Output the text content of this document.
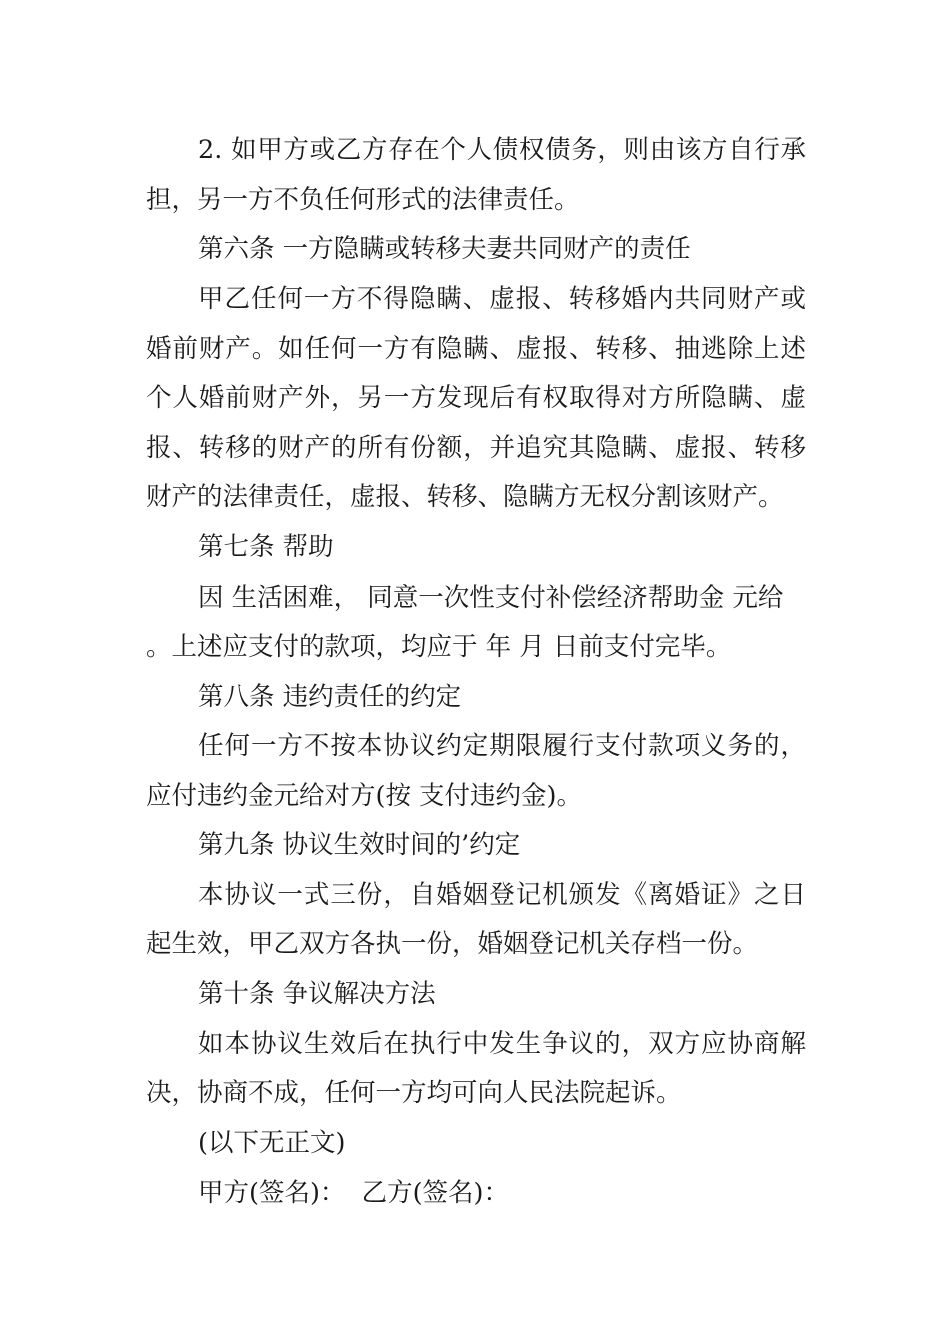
2. 如甲方或乙方存在个人债权债务，则由该方自行承
担，另一方不负任何形式的法律责任。
第六条 一方隐瞒或转移夫妻共同财产的责任
甲乙任何一方不得隐瞒、虚报、转移婚内共同财产或
婚前财产。如任何一方有隐瞒、虚报、转移、抽逃除上述
个人婚前财产外，另一方发现后有权取得对方所隐瞒、虚
报、转移的财产的所有份额，并追究其隐瞒、虚报、转移
财产的法律责任，虚报、转移、隐瞒方无权分割该财产。
第七条 帮助
因 生活困难， 同意一次性支付补偿经济帮助金 元给
。上述应支付的款项，均应于 年 月 日前支付完毕。
第八条 违约责任的约定
任何一方不按本协议约定期限履行支付款项义务的，
应付违约金元给对方(按 支付违约金)。
第九条 协议生效时间的’约定
本协议一式三份，自婚姻登记机颁发《离婚证》之日
起生效，甲乙双方各执一份，婚姻登记机关存档一份。
第十条 争议解决方法
如本协议生效后在执行中发生争议的，双方应协商解
决，协商不成，任何一方均可向人民法院起诉。
(以下无正文)
甲方(签名)：  乙方(签名)：
